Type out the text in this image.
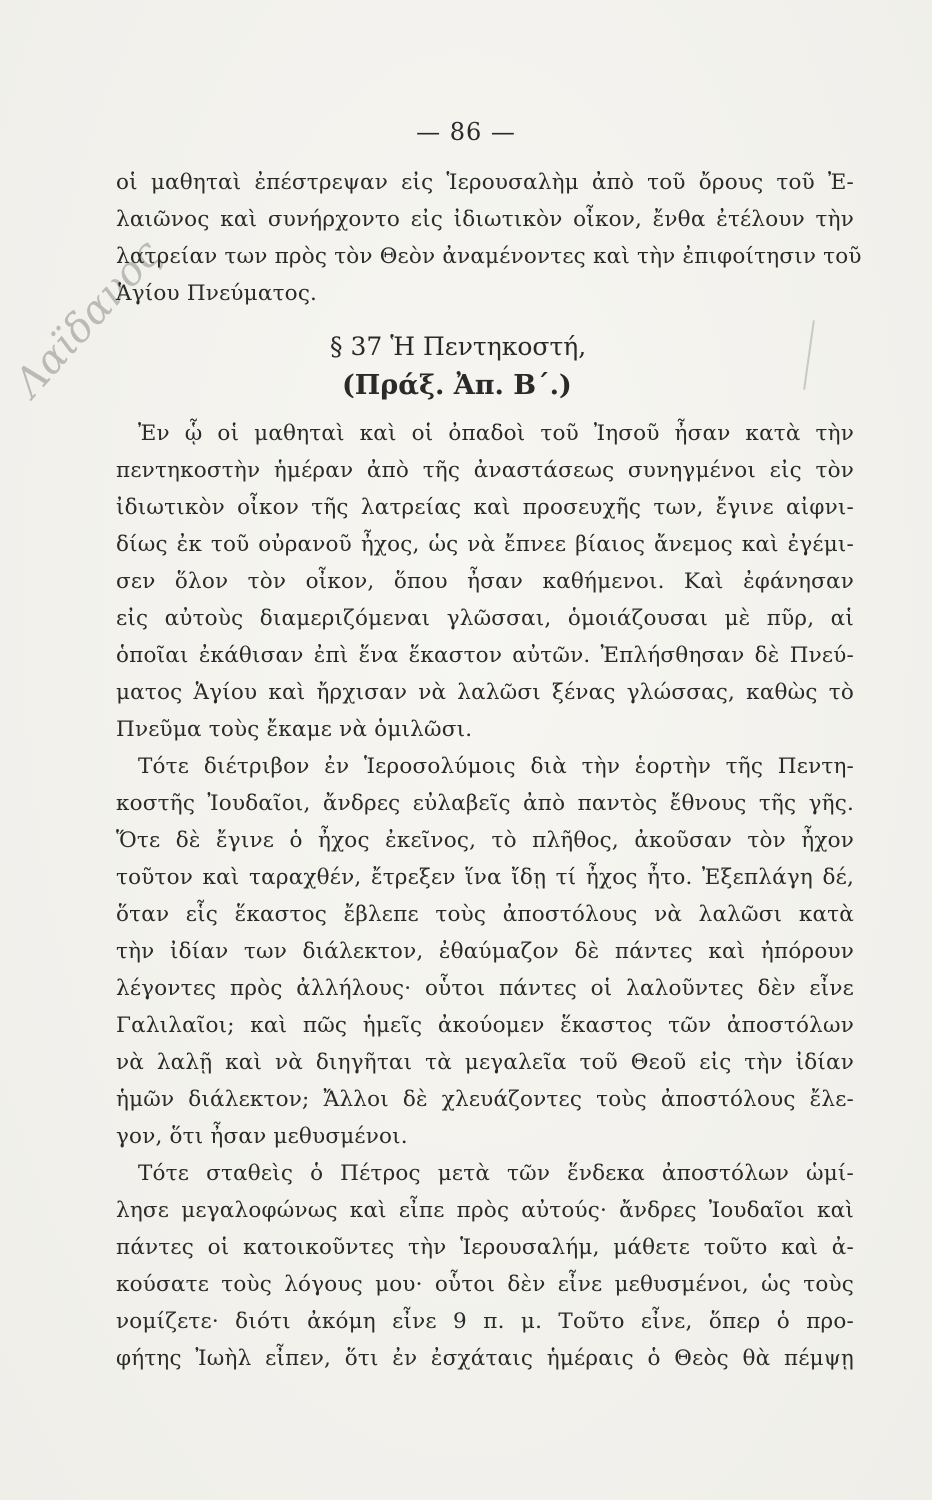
Λαϊδανος
— 86 —
οἱ μαθηταὶ ἐπέστρεψαν εἰς Ἱερουσαλὴμ ἀπὸ τοῦ ὄρους τοῦ Ἐ-
λαιῶνος καὶ συνήρχοντο εἰς ἰδιωτικὸν οἶκον, ἔνθα ἐτέλουν τὴν
λατρείαν των πρὸς τὸν Θεὸν ἀναμένοντες καὶ τὴν ἐπιφοίτησιν τοῦ
Ἁγίου Πνεύματος.
§ 37 Ἡ Πεντηκοστή,
(Πράξ. Ἀπ. Β΄.)
Ἐν ᾧ οἱ μαθηταὶ καὶ οἱ ὀπαδοὶ τοῦ Ἰησοῦ ἦσαν κατὰ τὴν
πεντηκοστὴν ἡμέραν ἀπὸ τῆς ἀναστάσεως συνηγμένοι εἰς τὸν
ἰδιωτικὸν οἶκον τῆς λατρείας καὶ προσευχῆς των, ἔγινε αἰφνι-
δίως ἐκ τοῦ οὐρανοῦ ἦχος, ὡς νὰ ἔπνεε βίαιος ἄνεμος καὶ ἐγέμι-
σεν ὅλον τὸν οἶκον, ὅπου ἦσαν καθήμενοι. Καὶ ἐφάνησαν
εἰς αὐτοὺς διαμεριζόμεναι γλῶσσαι, ὁμοιάζουσαι μὲ πῦρ, αἱ
ὁποῖαι ἐκάθισαν ἐπὶ ἕνα ἕκαστον αὐτῶν. Ἐπλήσθησαν δὲ Πνεύ-
ματος Ἁγίου καὶ ἤρχισαν νὰ λαλῶσι ξένας γλώσσας, καθὼς τὸ
Πνεῦμα τοὺς ἔκαμε νὰ ὁμιλῶσι.
Τότε διέτριβον ἐν Ἱεροσολύμοις διὰ τὴν ἑορτὴν τῆς Πεντη-
κοστῆς Ἰουδαῖοι, ἄνδρες εὐλαβεῖς ἀπὸ παντὸς ἔθνους τῆς γῆς.
Ὅτε δὲ ἔγινε ὁ ἦχος ἐκεῖνος, τὸ πλῆθος, ἀκοῦσαν τὸν ἦχον
τοῦτον καὶ ταραχθέν, ἔτρεξεν ἵνα ἴδῃ τί ἦχος ἦτο. Ἐξεπλάγη δέ,
ὅταν εἷς ἕκαστος ἔβλεπε τοὺς ἀποστόλους νὰ λαλῶσι κατὰ
τὴν ἰδίαν των διάλεκτον, ἐθαύμαζον δὲ πάντες καὶ ἠπόρουν
λέγοντες πρὸς ἀλλήλους· οὗτοι πάντες οἱ λαλοῦντες δὲν εἶνε
Γαλιλαῖοι; καὶ πῶς ἡμεῖς ἀκούομεν ἕκαστος τῶν ἀποστόλων
νὰ λαλῇ καὶ νὰ διηγῆται τὰ μεγαλεῖα τοῦ Θεοῦ εἰς τὴν ἰδίαν
ἡμῶν διάλεκτον; Ἄλλοι δὲ χλευάζοντες τοὺς ἀποστόλους ἔλε-
γον, ὅτι ἦσαν μεθυσμένοι.
Τότε σταθεὶς ὁ Πέτρος μετὰ τῶν ἕνδεκα ἀποστόλων ὡμί-
λησε μεγαλοφώνως καὶ εἶπε πρὸς αὐτούς· ἄνδρες Ἰουδαῖοι καὶ
πάντες οἱ κατοικοῦντες τὴν Ἱερουσαλήμ, μάθετε τοῦτο καὶ ἀ-
κούσατε τοὺς λόγους μου· οὗτοι δὲν εἶνε μεθυσμένοι, ὡς τοὺς
νομίζετε· διότι ἀκόμη εἶνε 9 π. μ. Τοῦτο εἶνε, ὅπερ ὁ προ-
φήτης Ἰωὴλ εἶπεν, ὅτι ἐν ἐσχάταις ἡμέραις ὁ Θεὸς θὰ πέμψῃ
